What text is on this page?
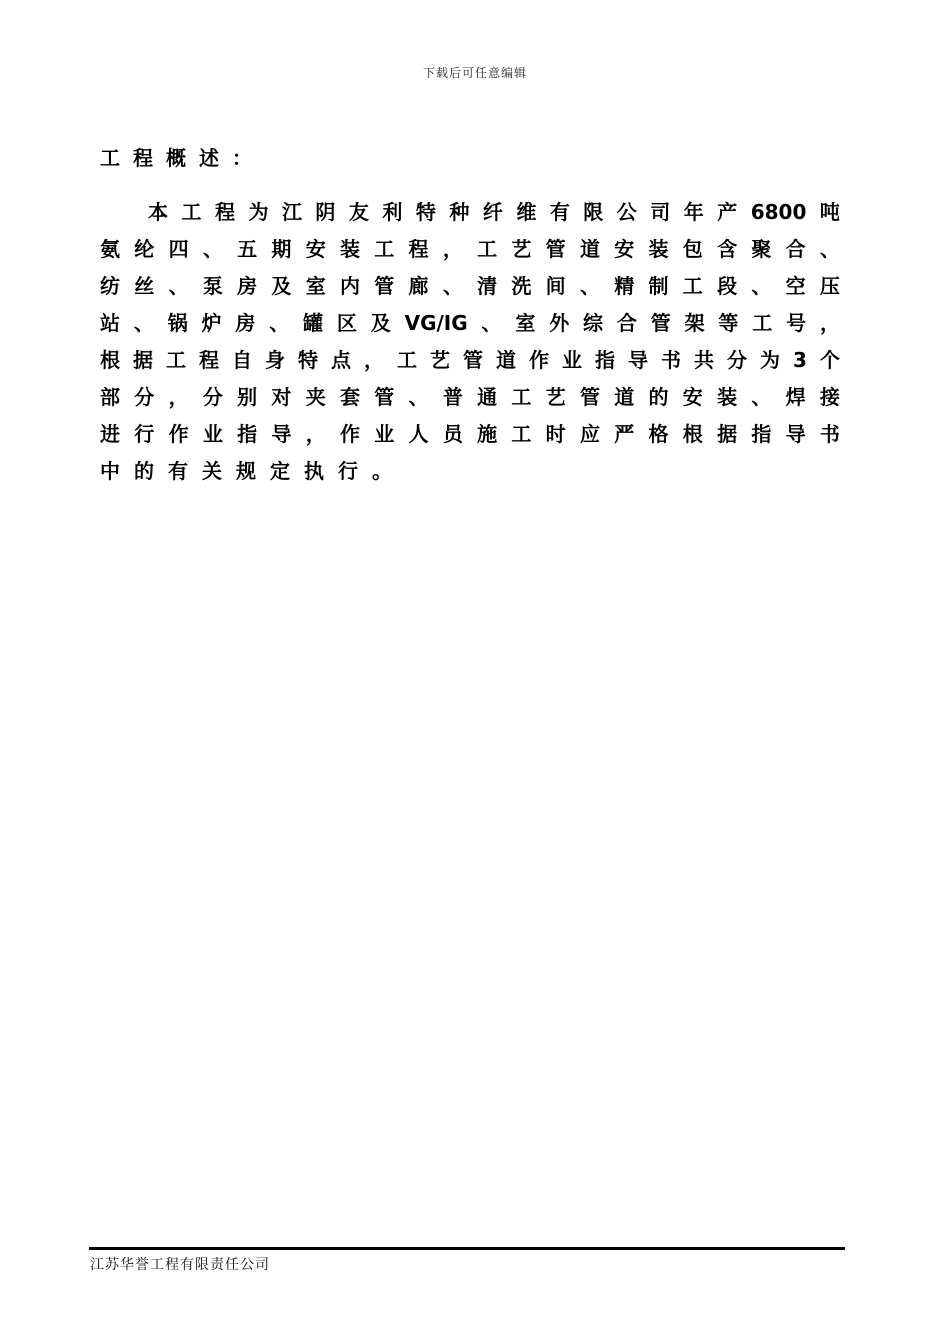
下载后可任意编辑
工程概述：
本 工 程 为 江 阴 友 利 特 种 纤 维 有 限 公 司 年 产 6800 吨
氨 纶 四 、 五 期 安 装 工 程 ， 工 艺 管 道 安 装 包 含 聚 合 、
纺 丝 、 泵 房 及 室 内 管 廊 、 清 洗 间 、 精 制 工 段 、 空 压
站 、 锅 炉 房 、 罐 区 及 VG/IG 、 室 外 综 合 管 架 等 工 号 ，
根 据 工 程 自 身 特 点 ， 工 艺 管 道 作 业 指 导 书 共 分 为 3 个
部 分 ， 分 别 对 夹 套 管 、 普 通 工 艺 管 道 的 安 装 、 焊 接
进 行 作 业 指 导 ， 作 业 人 员 施 工 时 应 严 格 根 据 指 导 书
中的有关规定执行。
江苏华誉工程有限责任公司
